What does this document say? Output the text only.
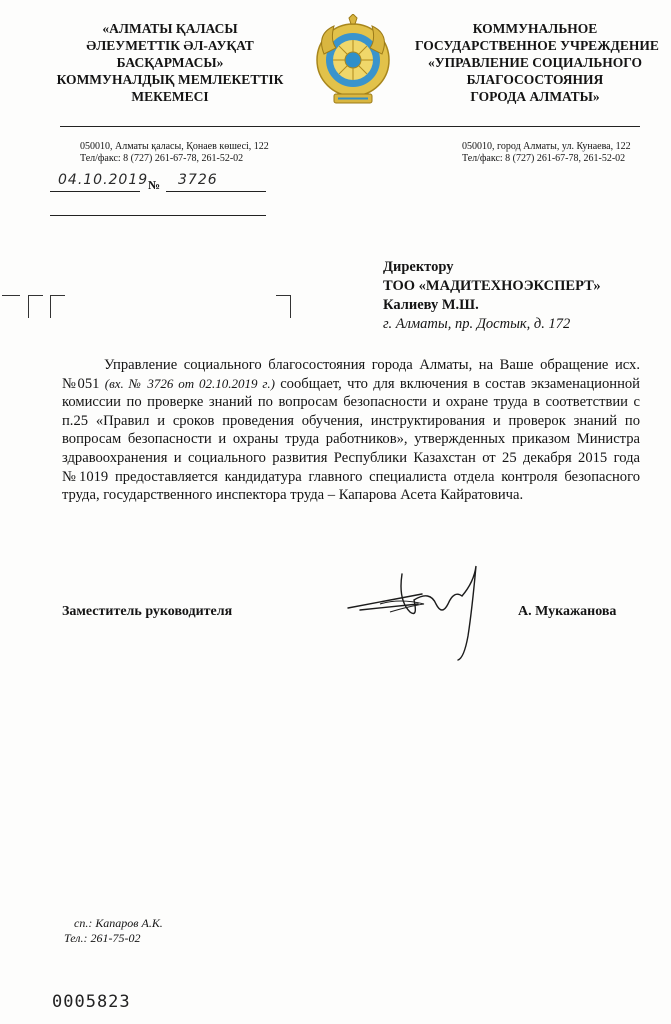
«АЛМАТЫ ҚАЛАСЫ
ӘЛЕУМЕТТІК ӘЛ-АУҚАТ
БАСҚАРМАСЫ»
КОММУНАЛДЫҚ МЕМЛЕКЕТТІК
МЕКЕМЕСІ
КОММУНАЛЬНОЕ
ГОСУДАРСТВЕННОЕ УЧРЕЖДЕНИЕ
«УПРАВЛЕНИЕ СОЦИАЛЬНОГО
БЛАГОСОСТОЯНИЯ
ГОРОДА АЛМАТЫ»
050010, Алматы қаласы, Қонаев көшесі, 122
Тел/факс: 8 (727) 261-67-78, 261-52-02
050010, город Алматы, ул. Кунаева, 122
Тел/факс: 8 (727) 261-67-78, 261-52-02
04.10.2019 № 3726
Директору
ТОО «МАДИТЕХНОЭКСПЕРТ»
Калиеву М.Ш.
г. Алматы, пр. Достык, д. 172
Управление социального благосостояния города Алматы, на Ваше обращение исх. №051 (вх. № 3726 от 02.10.2019 г.) сообщает, что для включения в состав экзаменационной комиссии по проверке знаний по вопросам безопасности и охране труда в соответствии с п.25 «Правил и сроков проведения обучения, инструктирования и проверок знаний по вопросам безопасности и охраны труда работников», утвержденных приказом Министра здравоохранения и социального развития Республики Казахстан от 25 декабря 2015 года №1019 предоставляется кандидатура главного специалиста отдела контроля безопасного труда, государственного инспектора труда – Капарова Асета Кайратовича.
Заместитель руководителя	А. Мукажанова
сп.: Капаров А.К.
Тел.: 261-75-02
0005823
